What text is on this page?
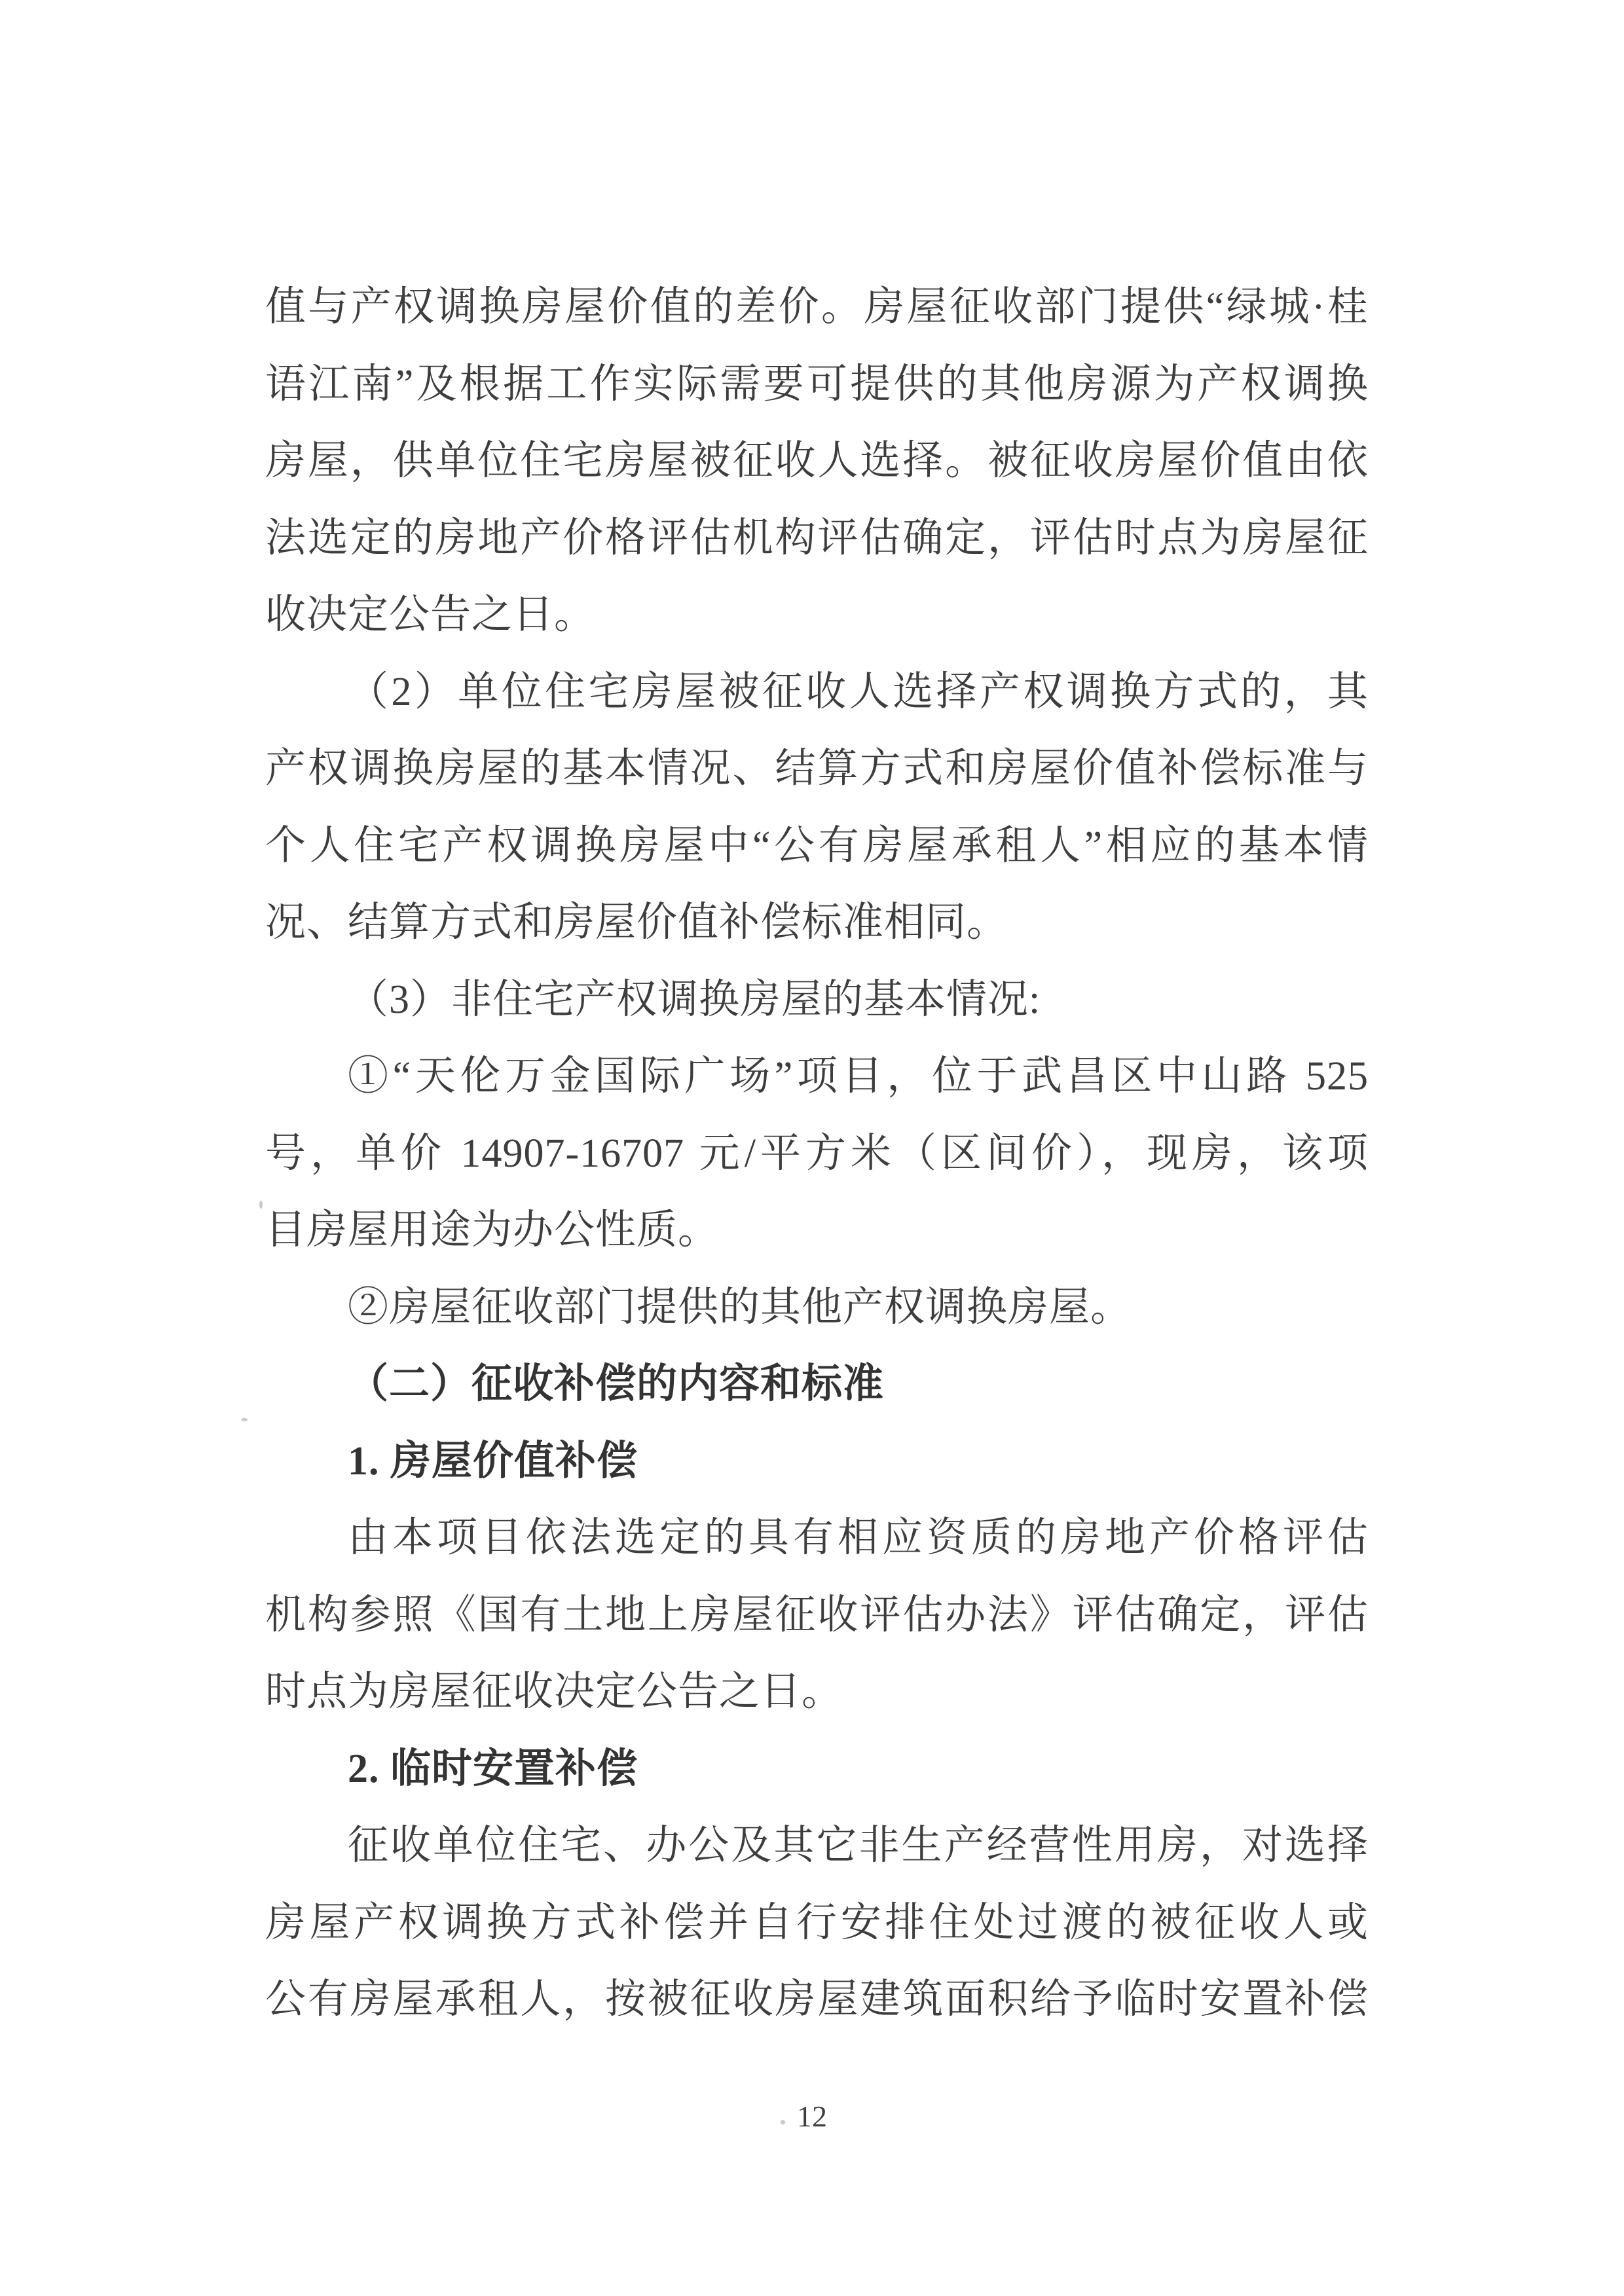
值与产权调换房屋价值的差价。房屋征收部门提供“绿城·桂
语江南”及根据工作实际需要可提供的其他房源为产权调换
房屋，供单位住宅房屋被征收人选择。被征收房屋价值由依
法选定的房地产价格评估机构评估确定，评估时点为房屋征
收决定公告之日。
（2）单位住宅房屋被征收人选择产权调换方式的，其
产权调换房屋的基本情况、结算方式和房屋价值补偿标准与
个人住宅产权调换房屋中“公有房屋承租人”相应的基本情
况、结算方式和房屋价值补偿标准相同。
（3）非住宅产权调换房屋的基本情况:
①“天伦万金国际广场”项目，位于武昌区中山路 525
号，单价 14907-16707 元/平方米（区间价），现房，该项
目房屋用途为办公性质。
②房屋征收部门提供的其他产权调换房屋。
（二）征收补偿的内容和标准
1. 房屋价值补偿
由本项目依法选定的具有相应资质的房地产价格评估
机构参照《国有土地上房屋征收评估办法》评估确定，评估
时点为房屋征收决定公告之日。
2. 临时安置补偿
征收单位住宅、办公及其它非生产经营性用房，对选择
房屋产权调换方式补偿并自行安排住处过渡的被征收人或
公有房屋承租人，按被征收房屋建筑面积给予临时安置补偿
12
